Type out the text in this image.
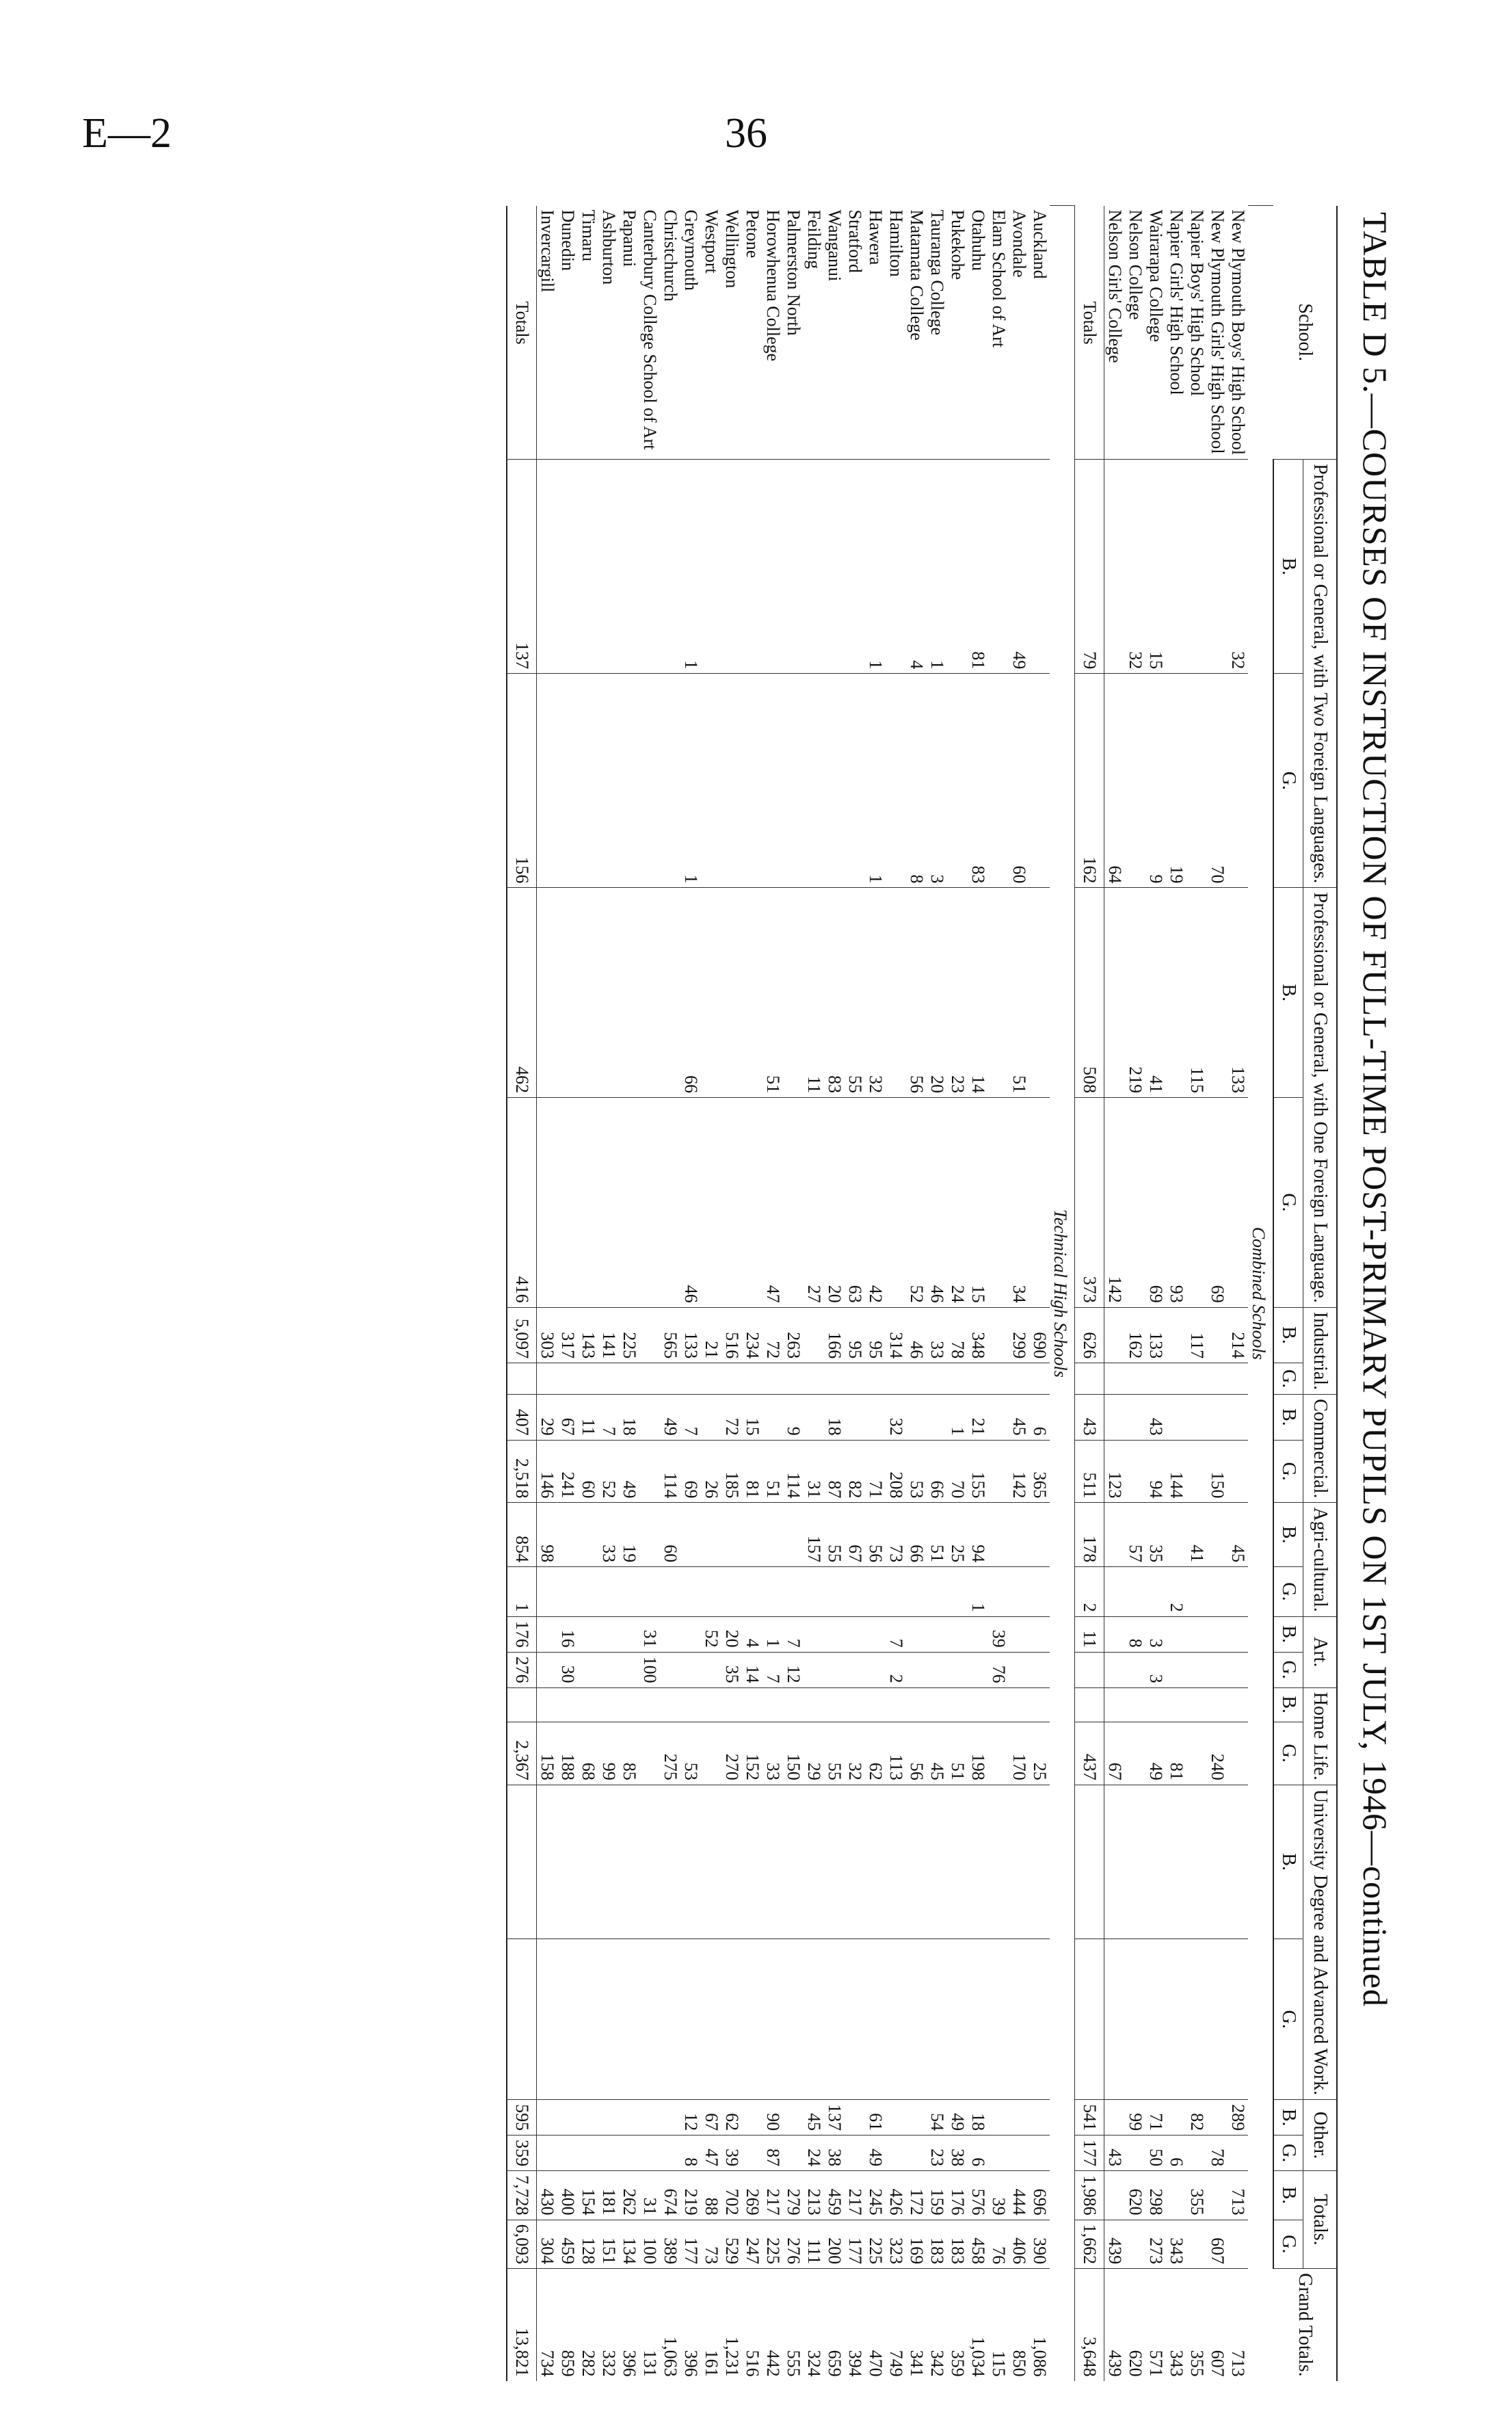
E—2	36
TABLE D 5.—COURSES OF INSTRUCTION OF FULL-TIME POST-PRIMARY PUPILS ON 1ST JULY, 1946—continued
School.	Professional or General, with Two Foreign Languages.		Professional or General, with One Foreign Language.		Industrial.		Commercial.		Agri-cultural.		Art.		Home Life.		University Degree and Advanced Work.		Other.		Totals.		Grand Totals.
	B.	G.	B.	G.	B.	G.	B.	G.	B.	G.	B.	G.	B.	G.	B.	G.	B.	G.	B.	G.	
Combined Schools																					
New Plymouth Boys' High School	32		133		214				45								289		713		713
New Plymouth Girls' High School		70		69				150						240				78		607	607
Napier Boys' High School			115		117				41								82		355		355
Napier Girls' High School		19		93				144		2				81				6		343	343
Wairarapa College	15	9	41	69	133		43	94	35		3	3		49			71	50	298	273	571
Nelson College	32		219		162				57		8						99		620		620
Nelson Girls' College		64		142				123						67				43		439	439
Totals	79	162	508	373	626		43	511	178	2	11			437			541	177	1,986	1,662	3,648
Technical High Schools																					
Auckland					690		6	365						25					696	390	1,086
Avondale	49	60	51	34	299		45	142						170					444	406	850
Elam School of Art											39	76							39	76	115
Otahuhu	81	83	14	15	348		21	155	94	1				198			18	6	576	458	1,034
Pukekohe			23	24	78		1	70	25					51			49	38	176	183	359
Tauranga College	1	3	20	46	33			66	51					45			54	23	159	183	342
Matamata College	4	8	56	52	46			53	66					56					172	169	341
Hamilton					314		32	208	73		7	2		113					426	323	749
Hawera	1	1	32	42	95			71	56					62			61	49	245	225	470
Stratford			55	63	95			82	67					32					217	177	394
Wanganui			83	20	166		18	87	55					55			137	38	459	200	659
Feilding			11	27				31	157					29			45	24	213	111	324
Palmerston North					263		9	114			7	12		150					279	276	555
Horowhenua College			51	47	72			51			1	7		33			90	87	217	225	442
Petone					234		15	81			4	14		152					269	247	516
Wellington					516		72	185			20	35		270			62	39	702	529	1,231
Westport					21			26			52						67	47	88	73	161
Greymouth	1	1	66	46	133		7	69						53			12	8	219	177	396
Christchurch					565		49	114	60					275					674	389	1,063
Canterbury College School of Art											31	100							31	100	131
Papanui					225		18	49	19					85					262	134	396
Ashburton					141		7	52	33					99					181	151	332
Timaru					143		11	60						68					154	128	282
Dunedin					317		67	241			16	30		188					400	459	859
Invercargill					303		29	146	98					158					430	304	734
Totals	137	156	462	416	5,097		407	2,518	854	1	176	276		2,367			595	359	7,728	6,093	13,821
